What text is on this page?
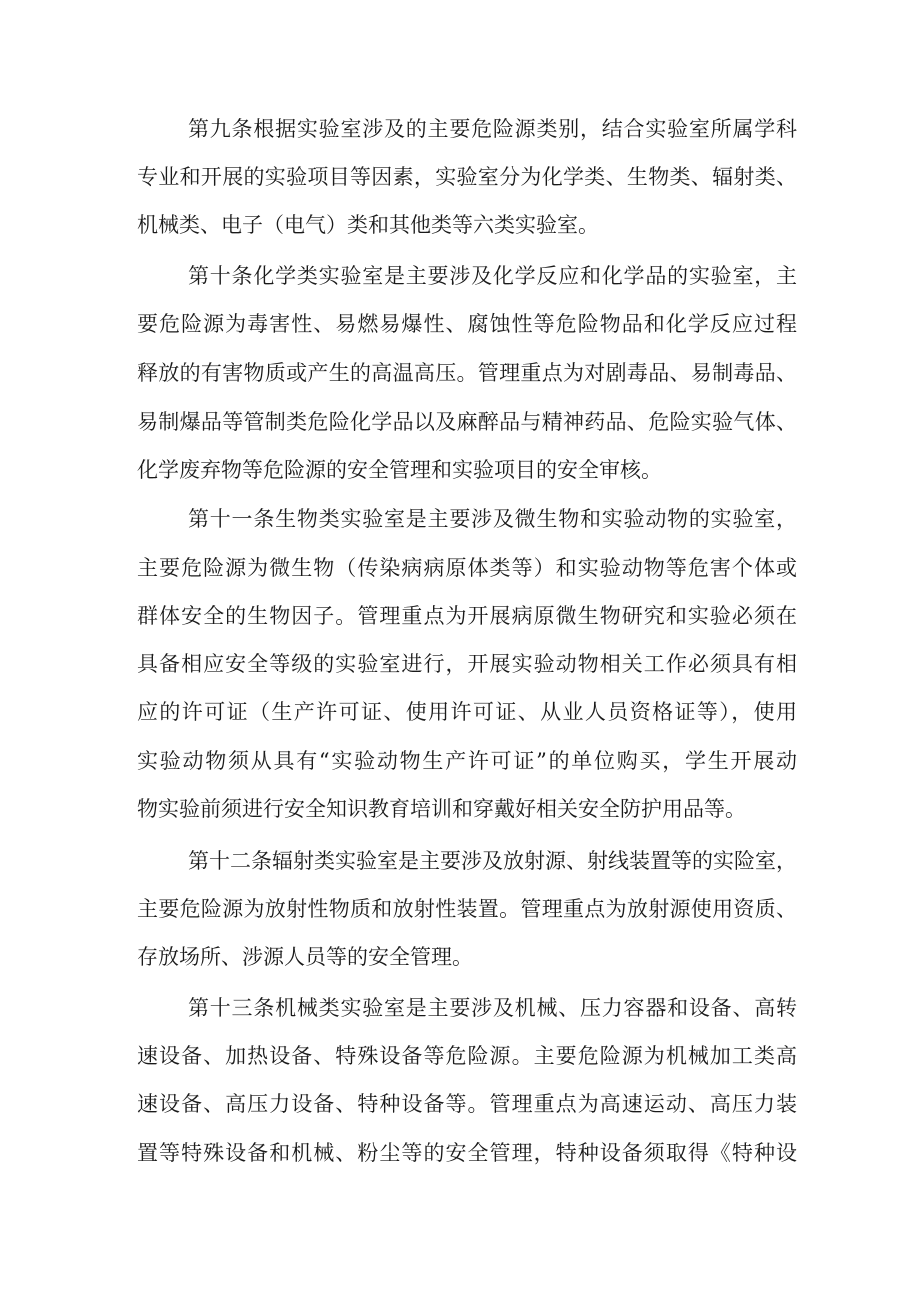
第九条根据实验室涉及的主要危险源类别，结合实验室所属学科

专业和开展的实验项目等因素，实验室分为化学类、生物类、辐射类、

机械类、电子（电气）类和其他类等六类实验室。

第十条化学类实验室是主要涉及化学反应和化学品的实验室，主

要危险源为毒害性、易燃易爆性、腐蚀性等危险物品和化学反应过程

释放的有害物质或产生的高温高压。管理重点为对剧毒品、易制毒品、

易制爆品等管制类危险化学品以及麻醉品与精神药品、危险实验气体、

化学废弃物等危险源的安全管理和实验项目的安全审核。

第十一条生物类实验室是主要涉及微生物和实验动物的实验室，

主要危险源为微生物（传染病病原体类等）和实验动物等危害个体或

群体安全的生物因子。管理重点为开展病原微生物研究和实验必须在

具备相应安全等级的实验室进行，开展实验动物相关工作必须具有相

应的许可证（生产许可证、使用许可证、从业人员资格证等），使用

实验动物须从具有“实验动物生产许可证”的单位购买，学生开展动

物实验前须进行安全知识教育培训和穿戴好相关安全防护用品等。

第十二条辐射类实验室是主要涉及放射源、射线装置等的实险室，

主要危险源为放射性物质和放射性装置。管理重点为放射源使用资质、

存放场所、涉源人员等的安全管理。

第十三条机械类实验室是主要涉及机械、压力容器和设备、高转

速设备、加热设备、特殊设备等危险源。主要危险源为机械加工类高

速设备、高压力设备、特种设备等。管理重点为高速运动、高压力装

置等特殊设备和机械、粉尘等的安全管理，特种设备须取得《特种设
